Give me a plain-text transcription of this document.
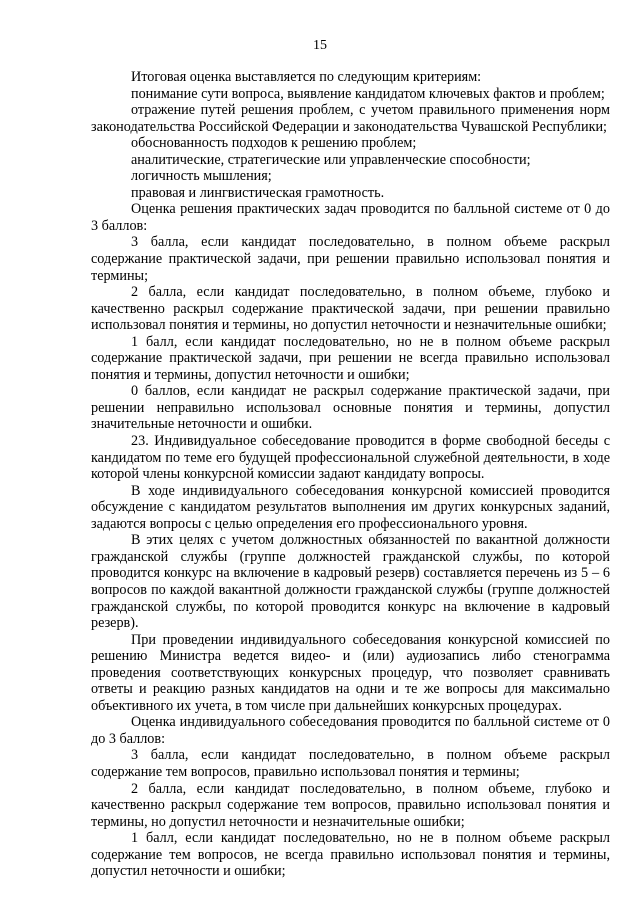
15

Итоговая оценка выставляется по следующим критериям:

понимание сути вопроса, выявление кандидатом ключевых фактов и проблем;

отражение путей решения проблем, с учетом правильного применения норм законодательства Российской Федерации и законодательства Чувашской Республики;

обоснованность подходов к решению проблем;

аналитические, стратегические или управленческие способности;

логичность мышления;

правовая и лингвистическая грамотность.

Оценка решения практических задач проводится по балльной системе от 0 до 3 баллов:

3 балла, если кандидат последовательно, в полном объеме раскрыл содержание практической задачи, при решении правильно использовал понятия и термины;

2 балла, если кандидат последовательно, в полном объеме, глубоко и качественно раскрыл содержание практической задачи, при решении правильно использовал понятия и термины, но допустил неточности и незначительные ошибки;

1 балл, если кандидат последовательно, но не в полном объеме раскрыл содержание практической задачи, при решении не всегда правильно использовал понятия и термины, допустил неточности и ошибки;

0 баллов, если кандидат не раскрыл содержание практической задачи, при решении неправильно использовал основные понятия и термины, допустил значительные неточности и ошибки.

23. Индивидуальное собеседование проводится в форме свободной беседы с кандидатом по теме его будущей профессиональной служебной деятельности, в ходе которой члены конкурсной комиссии задают кандидату вопросы.

В ходе индивидуального собеседования конкурсной комиссией проводится обсуждение с кандидатом результатов выполнения им других конкурсных заданий, задаются вопросы с целью определения его профессионального уровня.

В этих целях с учетом должностных обязанностей по вакантной должности гражданской службы (группе должностей гражданской службы, по которой проводится конкурс на включение в кадровый резерв) составляется перечень из 5 – 6 вопросов по каждой вакантной должности гражданской службы (группе должностей гражданской службы, по которой проводится конкурс на включение в кадровый резерв).

При проведении индивидуального собеседования конкурсной комиссией по решению Министра ведется видео- и (или) аудиозапись либо стенограмма проведения соответствующих конкурсных процедур, что позволяет сравнивать ответы и реакцию разных кандидатов на одни и те же вопросы для максимально объективного их учета, в том числе при дальнейших конкурсных процедурах.

Оценка индивидуального собеседования проводится по балльной системе от 0 до 3 баллов:

3 балла, если кандидат последовательно, в полном объеме раскрыл содержание тем вопросов, правильно использовал понятия и термины;

2 балла, если кандидат последовательно, в полном объеме, глубоко и качественно раскрыл содержание тем вопросов, правильно использовал понятия и термины, но допустил неточности и незначительные ошибки;

1 балл, если кандидат последовательно, но не в полном объеме раскрыл содержание тем вопросов, не всегда правильно использовал понятия и термины, допустил неточности и ошибки;
